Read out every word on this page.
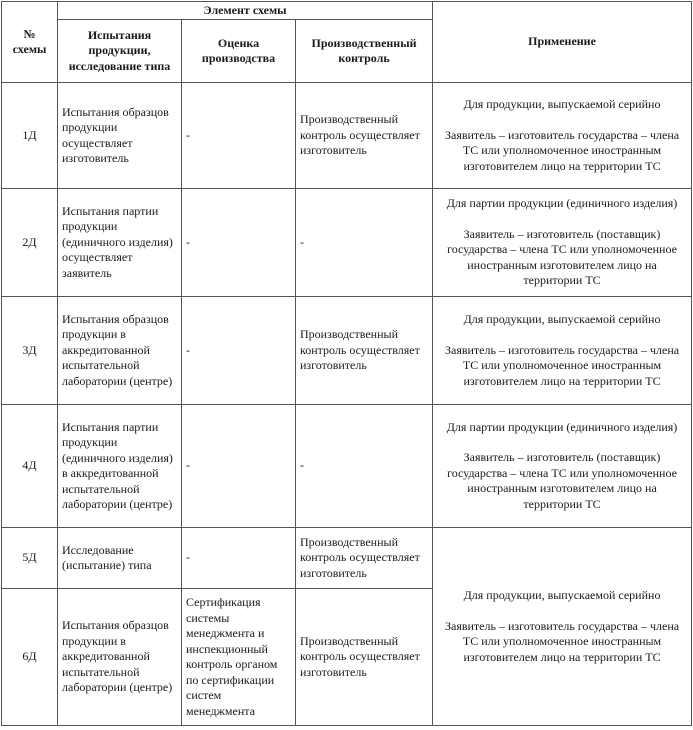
№ схемы	Элемент схемы			Применение
	Испытания продукции, исследование типа	Оценка производства	Производственный контроль	
1Д	Испытания образцов продукции осуществляет изготовитель	-	Производственный контроль осуществляет изготовитель	Для продукции, выпускаемой серийно
Заявитель – изготовитель государства – члена ТС или уполномоченное иностранным изготовителем лицо на территории ТС

2Д	Испытания партии продукции (единичного изделия) осуществляет заявитель	-	-	Для партии продукции (единичного изделия)
Заявитель – изготовитель (поставщик) государства – члена ТС или уполномоченное иностранным изготовителем лицо на территории ТС

3Д	Испытания образцов продукции в аккредитованной испытательной лаборатории (центре)	-	Производственный контроль осуществляет изготовитель	Для продукции, выпускаемой серийно
Заявитель – изготовитель государства – члена ТС или уполномоченное иностранным изготовителем лицо на территории ТС

4Д	Испытания партии продукции (единичного изделия) в аккредитованной испытательной лаборатории (центре)	-	-	Для партии продукции (единичного изделия)
Заявитель – изготовитель (поставщик) государства – члена ТС или уполномоченное иностранным изготовителем лицо на территории ТС

5Д	Исследование (испытание) типа	-	Производственный контроль осуществляет изготовитель	Для продукции, выпускаемой серийно
Заявитель – изготовитель государства – члена ТС или уполномоченное иностранным изготовителем лицо на территории ТС

6Д	Испытания образцов продукции в аккредитованной испытательной лаборатории (центре)	Сертификация системы менеджмента и инспекционный контроль органом по сертификации систем менеджмента	Производственный контроль осуществляет изготовитель	
